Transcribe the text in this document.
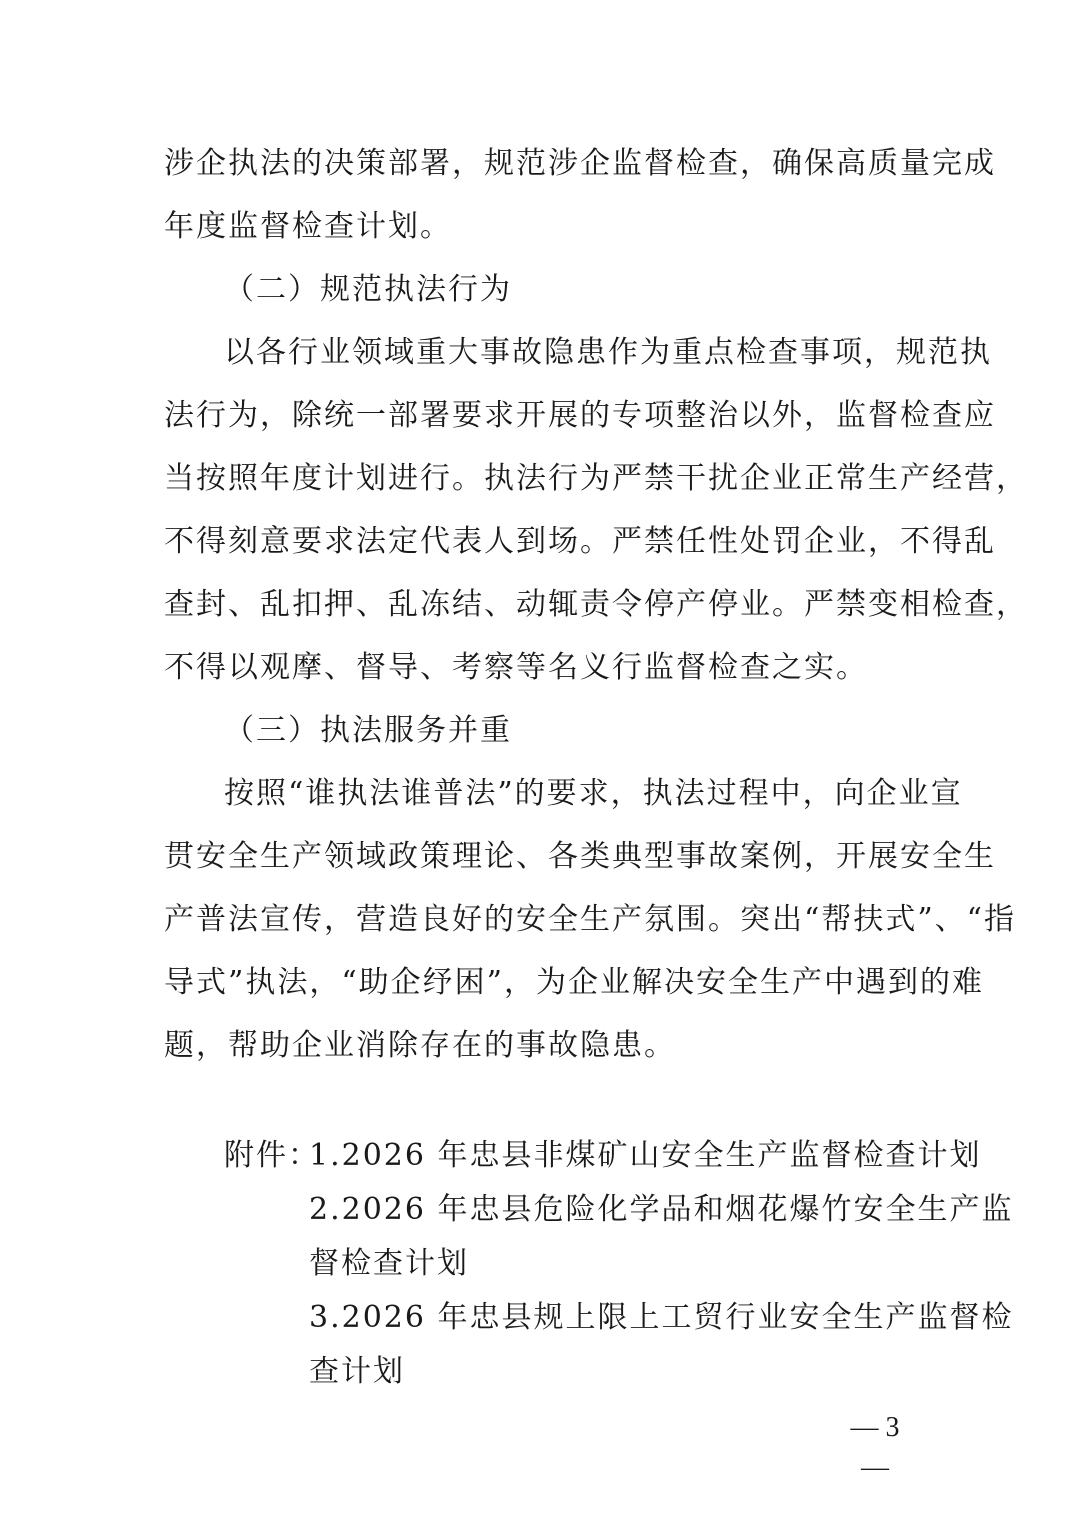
涉企执法的决策部署，规范涉企监督检查，确保高质量完成
年度监督检查计划。
（二）规范执法行为
以各行业领域重大事故隐患作为重点检查事项，规范执
法行为，除统一部署要求开展的专项整治以外，监督检查应
当按照年度计划进行。执法行为严禁干扰企业正常生产经营，
不得刻意要求法定代表人到场。严禁任性处罚企业，不得乱
查封、乱扣押、乱冻结、动辄责令停产停业。严禁变相检查，
不得以观摩、督导、考察等名义行监督检查之实。
（三）执法服务并重
按照“谁执法谁普法”的要求，执法过程中，向企业宣
贯安全生产领域政策理论、各类典型事故案例，开展安全生
产普法宣传，营造良好的安全生产氛围。突出“帮扶式”、“指
导式”执法，“助企纾困”，为企业解决安全生产中遇到的难
题，帮助企业消除存在的事故隐患。
附件：
1.2026 年忠县非煤矿山安全生产监督检查计划
2.2026 年忠县危险化学品和烟花爆竹安全生产监
督检查计划
3.2026 年忠县规上限上工贸行业安全生产监督检
查计划
— 3 —
